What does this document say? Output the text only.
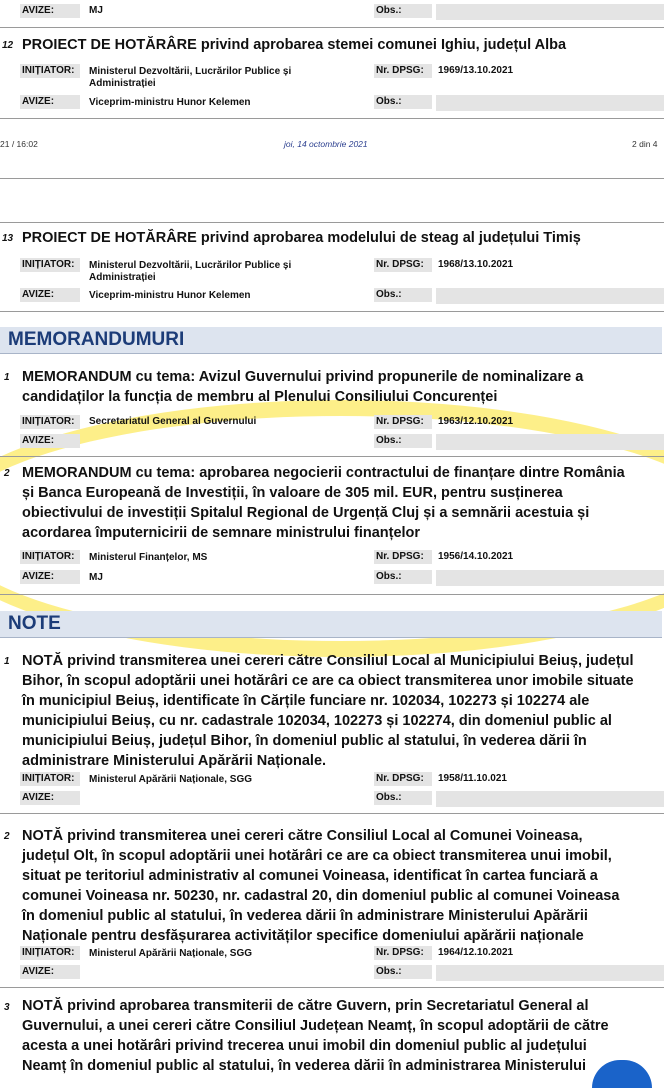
AVIZE:	MJ	Obs.:
12 PROIECT DE HOTĂRÂRE privind aprobarea stemei comunei Ighiu, județul Alba
INIȚIATOR:	Ministerul Dezvoltării, Lucrărilor Publice și
Administrației
Nr. DPSG:	1969/13.10.2021
AVIZE:	Viceprim-ministru Hunor Kelemen	Obs.:
21 / 16:02	joi, 14 octombrie 2021	2 din 4
13 PROIECT DE HOTĂRÂRE privind aprobarea modelului de steag al județului Timiș
INIȚIATOR:	Ministerul Dezvoltării, Lucrărilor Publice și
Administrației
Nr. DPSG:	1968/13.10.2021
AVIZE:	Viceprim-ministru Hunor Kelemen	Obs.:
MEMORANDUMURI
1 MEMORANDUM cu tema: Avizul Guvernului privind propunerile de nominalizare a
candidaților la funcția de membru al Plenului Consiliului Concurenței
INIȚIATOR:	Secretariatul General al Guvernului	Nr. DPSG:	1963/12.10.2021
AVIZE:	Obs.:
2 MEMORANDUM cu tema: aprobarea negocierii contractului de finanțare dintre România
și Banca Europeană de Investiții, în valoare de 305 mil. EUR, pentru susținerea
obiectivului de investiții Spitalul Regional de Urgență Cluj și a semnării acestuia și
acordarea împuternicirii de semnare ministrului finanțelor
INIȚIATOR:	Ministerul Finanțelor, MS	Nr. DPSG:	1956/14.10.2021
AVIZE:	MJ	Obs.:
NOTE
1 NOTĂ privind transmiterea unei cereri către Consiliul Local al Municipiului Beiuș, județul
Bihor, în scopul adoptării unei hotărâri ce are ca obiect transmiterea unor imobile situate
în municipiul Beiuș, identificate în Cărțile funciare nr. 102034, 102273 și 102274 ale
municipiului Beiuș, cu nr. cadastrale 102034, 102273 și 102274, din domeniul public al
municipiului Beiuș, județul Bihor, în domeniul public al statului, în vederea dării în
administrare Ministerului Apărării Naționale.
INIȚIATOR:	Ministerul Apărării Naționale, SGG	Nr. DPSG:	1958/11.10.021
AVIZE:	Obs.:
2 NOTĂ privind transmiterea unei cereri către Consiliul Local al Comunei Voineasa,
județul Olt, în scopul adoptării unei hotărâri ce are ca obiect transmiterea unui imobil,
situat pe teritoriul administrativ al comunei Voineasa, identificat în cartea funciară a
comunei Voineasa nr. 50230, nr. cadastral 20, din domeniul public al comunei Voineasa
în domeniul public al statului, în vederea dării în administrare Ministerului Apărării
Naționale pentru desfășurarea activităților specifice domeniului apărării naționale
INIȚIATOR:	Ministerul Apărării Naționale, SGG	Nr. DPSG:	1964/12.10.2021
AVIZE:	Obs.:
3 NOTĂ privind aprobarea transmiterii de către Guvern, prin Secretariatul General al
Guvernului, a unei cereri către Consiliul Județean Neamț, în scopul adoptării de către
acesta a unei hotărâri privind trecerea unui imobil din domeniul public al județului
Neamț în domeniul public al statului, în vederea dării în administrarea Ministerului
